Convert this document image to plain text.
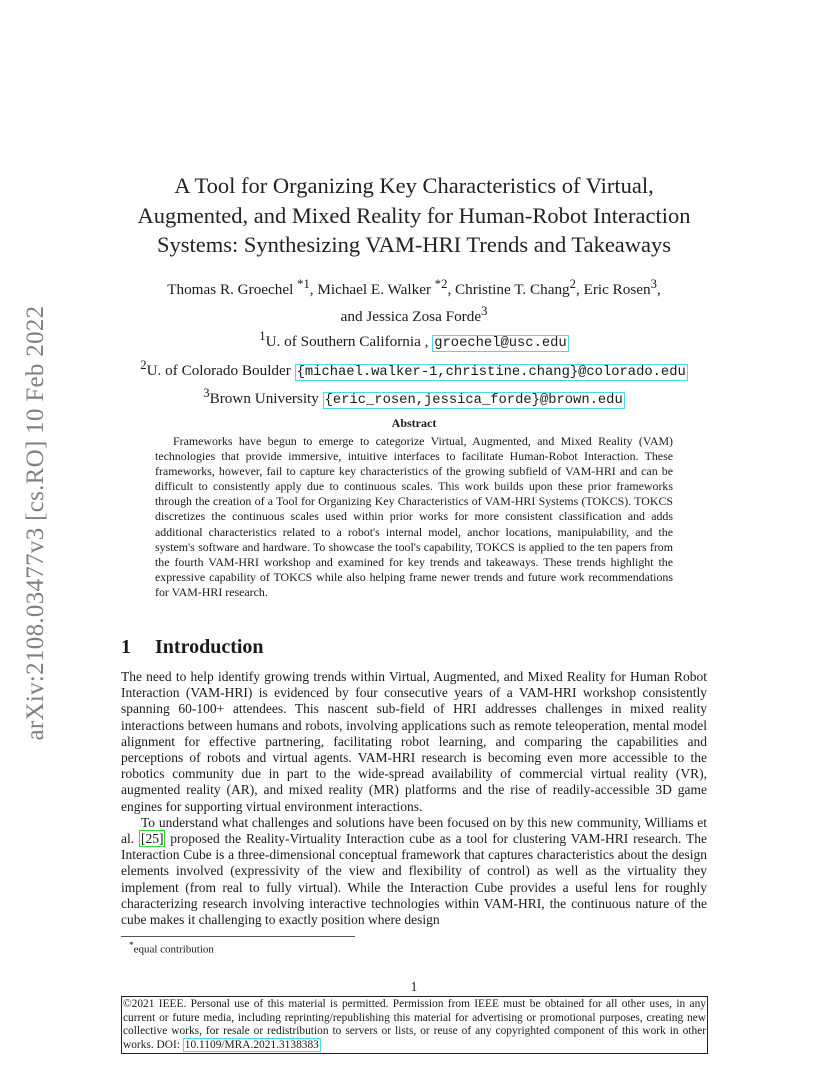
arXiv:2108.03477v3 [cs.RO] 10 Feb 2022
A Tool for Organizing Key Characteristics of Virtual,
Augmented, and Mixed Reality for Human-Robot Interaction
Systems: Synthesizing VAM-HRI Trends and Takeaways
Thomas R. Groechel $^{*1}$, Michael E. Walker $^{*2}$, Christine T. Chang$^2$, Eric Rosen$^3$,
and Jessica Zosa Forde$^3$
$^1$U. of Southern California , groechel@usc.edu
$^2$U. of Colorado Boulder {michael.walker-1,christine.chang}@colorado.edu
$^3$Brown University {eric_rosen,jessica_forde}@brown.edu
Abstract

Frameworks have begun to emerge to categorize Virtual, Augmented, and Mixed Reality (VAM) technologies that provide immersive, intuitive interfaces to facilitate Human-Robot Interaction. These frameworks, however, fail to capture key characteristics of the growing subfield of VAM-HRI and can be difficult to consistently apply due to continuous scales. This work builds upon these prior frameworks through the creation of a Tool for Organizing Key Characteristics of VAM-HRI Systems (TOKCS). TOKCS discretizes the continuous scales used within prior works for more consistent classification and adds additional characteristics related to a robot's internal model, anchor locations, manipulability, and the system's software and hardware. To showcase the tool's capability, TOKCS is applied to the ten papers from the fourth VAM-HRI workshop and examined for key trends and takeaways. These trends highlight the expressive capability of TOKCS while also helping frame newer trends and future work recommendations for VAM-HRI research.

1 Introduction

The need to help identify growing trends within Virtual, Augmented, and Mixed Reality for Human Robot Interaction (VAM-HRI) is evidenced by four consecutive years of a VAM-HRI workshop consistently spanning 60-100+ attendees. This nascent sub-field of HRI addresses challenges in mixed reality interactions between humans and robots, involving applications such as remote teleoperation, mental model alignment for effective partnering, facilitating robot learning, and comparing the capabilities and perceptions of robots and virtual agents. VAM-HRI research is becoming even more accessible to the robotics community due in part to the wide-spread availability of commercial virtual reality (VR), augmented reality (AR), and mixed reality (MR) platforms and the rise of readily-accessible 3D game engines for supporting virtual environment interactions.

To understand what challenges and solutions have been focused on by this new community, Williams et al. [25] proposed the Reality-Virtuality Interaction cube as a tool for clustering VAM-HRI research. The Interaction Cube is a three-dimensional conceptual framework that captures characteristics about the design elements involved (expressivity of the view and flexibility of control) as well as the virtuality they implement (from real to fully virtual). While the Interaction Cube provides a useful lens for roughly characterizing research involving interactive technologies within VAM-HRI, the continuous nature of the cube makes it challenging to exactly position where design

*equal contribution
1
©2021 IEEE. Personal use of this material is permitted. Permission from IEEE must be obtained for all other uses, in any current or future media, including reprinting/republishing this material for advertising or promotional purposes, creating new collective works, for resale or redistribution to servers or lists, or reuse of any copyrighted component of this work in other works. DOI: 10.1109/MRA.2021.3138383
